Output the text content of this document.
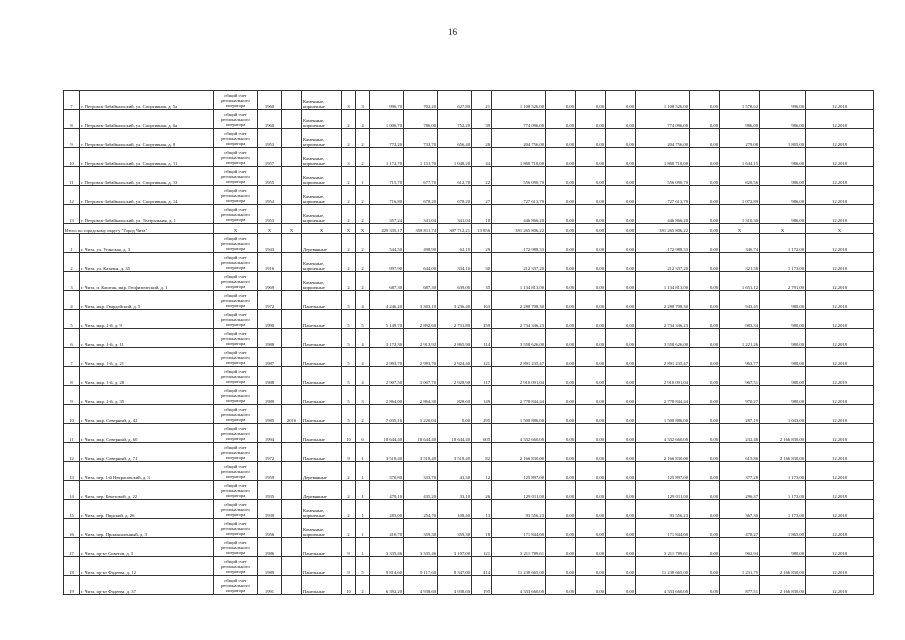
16
7	г. Петровск-Забайкальский, ул. Спортивная, д. 5а	общий счет регионального оператора	1960		Каменные, кирпичные	3	3	996,70	702,20	627,80	21	1 108 526,00	0,00	0,00	0,00	1 108 526,00	0,00	1 578,62	996,00	12.2018
8	г. Петровск-Забайкальский, ул. Спортивная, д. 6а	общий счет регионального оператора	1960		Каменные, кирпичные	2	4	1 006,70	786,00	752,20	39	774 096,00	0,00	0,00	0,00	774 096,00	0,00	986,00	986,00	12.2018
9	г. Петровск-Забайкальский, ул. Спортивная, д. 8	общий счет регионального оператора	1953		Каменные, кирпичные	2	2	772,20	733,70	656,40	28	204 756,00	0,00	0,00	0,00	204 756,00	0,00	279,08	1 805,00	12.2018
10	г. Петровск-Забайкальский, ул. Спортивная, д. 11	общий счет регионального оператора	1957		Каменные, кирпичные	3	2	1 172,70	1 131,70	1 048,20	44	1 860 710,00	0,00	0,00	0,00	1 860 710,00	0,00	1 644,15	986,00	12.2018
11	г. Петровск-Забайкальский, ул. Спортивная, д. 13	общий счет регионального оператора	1955		Каменные, кирпичные	2	1	715,70	677,70	612,70	22	556 090,70	0,00	0,00	0,00	556 090,70	0,00	820,56	986,00	12.2018
12	г. Петровск-Забайкальский, ул. Спортивная, д. 14	общий счет регионального оператора	1954		Каменные, кирпичные	2	2	716,80	678,20	678,20	27	727 613,70	0,00	0,00	0,00	727 613,70	0,00	1 072,89	986,00	12.2018
13	г. Петровск-Забайкальский, ул. Театральная, д. 1	общий счет регионального оператора	1953		Каменные, кирпичные	2	2	357,24	341,04	341,04	18	446 866,20	0,00	0,00	0,00	446 866,20	0,00	1 310,30	986,00	12.2018
Итого по городскому округу "Город Чита"		X	X	X	X	X	X	429 335,17	358 811,74	307 712,21	13 856	391 265 806,22	0,00	0,00	0,00	391 265 806,22	0,00	X	X	X
1	г. Чита, ул. Уганская, д. 3	общий счет регионального оператора	1943		Деревянные	2	2	544,50	498,90	62,10	29	172 988,33	0,00	0,00	0,00	172 988,33	0,00	346,74	1 172,00	12.2018
2	г. Чита, ул. Казачья, д. 35	общий счет регионального оператора	1916		Каменные, кирпичные	2	2	997,90	644,00	334,10	30	212 337,20	0,00	0,00	0,00	212 337,20	0,00	321,58	1 173,00	12.2018
3	г. Чита, п. Каштак, мкр. Геофизический, д. 1	общий счет регионального оператора	1969		Каменные, кирпичные	2	2	687,30	687,30	639,00	35	1 134 813,00	0,00	0,00	0,00	1 134 813,00	0,00	1 651,12	2 791,00	12.2018
4	г. Чита, мкр. Гвардейский, д. 5	общий счет регионального оператора	1972		Панельные	5	4	4 246,20	3 303,10	3 236,40	163	2 280 708,30	0,00	0,00	0,00	2 280 708,30	0,00	943,45	980,00	12.2018
5	г. Чита, мкр. 1-й, д. 9	общий счет регионального оператора	1990		Панельные	5	5	5 149,70	2 892,60	2 731,80	159	2 734 346,23	0,00	0,00	0,00	2 734 346,23	0,00	983,34	980,00	12.2018
6	г. Чита, мкр. 1-й, д. 11	общий счет регионального оператора	1988		Панельные	5	4	3 172,30	2 913,92	2 865,90	114	3 558 626,00	0,00	0,00	0,00	3 558 626,00	0,00	1 221,26	980,00	12.2018
7	г. Чита, мкр. 1-й, д. 21	общий счет регионального оператора	1987		Панельные	5	4	2 993,70	2 993,70	2 924,40	121	2 891 235,47	0,00	0,00	0,00	2 891 235,47	0,00	963,77	980,00	12.2018
8	г. Чита, мкр. 1-й, д. 28	общий счет регионального оператора	1988		Панельные	5	4	2 907,50	3 007,70	2 928,90	117	2 910 091,04	0,00	0,00	0,00	2 910 091,04	0,00	967,51	980,00	12.2019
9	г. Чита, мкр. 1-й, д. 35	общий счет регионального оператора	1989		Панельные	5	3	2 864,00	2 864,30	828,60	149	2 778 844,44	0,00	0,00	0,00	2 778 844,44	0,00	970,27	980,00	12.2018
10	г. Чита, мкр. Северный, д. 42	общий счет регионального оператора	1985	2016	Панельные	5	2	7 035,16	5 226,04	0,00	295	1 500 886,00	0,00	0,00	0,00	1 500 886,00	0,00	287,19	1 043,00	12.2018
11	г. Чита, мкр. Северный, д. 60	общий счет регионального оператора	1994		Панельные	10	6	18 644,40	18 644,40	18 644,40	605	4 332 660,00	0,00	0,00	0,00	4 332 660,00	0,00	232,48	2 166 830,00	12.2018
12	г. Чита, мкр. Северный, д. 71	общий счет регионального оператора	1972		Панельные	9	1	3 518,40	3 518,40	3 518,40	82	2 166 830,00	0,00	0,00	0,00	2 166 830,00	0,00	615,86	2 166 830,00	12.2018
13	г. Чита, пер. 1-й Некрасовский, д. 3	общий счет регионального оператора	1959		Деревянные	2	1	370,80	333,70	41,30	12	125 897,00	0,00	0,00	0,00	125 897,00	0,00	377,28	1 173,00	12.2018
14	г. Чита, пер. Бекетовой, д. 22	общий счет регионального оператора	1935		Деревянные	2	1	479,10	435,20	33,10	26	129 011,00	0,00	0,00	0,00	129 011,00	0,00	296,37	1 173,00	12.2018
15	г. Чита, пер. Пирский, д. 26	общий счет регионального оператора	1939		Каменные, кирпичные	2	1	283,00	254,70	108,40	13	93 556,23	0,00	0,00	0,00	93 556,23	0,00	367,30	1 173,00	12.2018
16	г. Чита, пер. Промышленный, д. 3	общий счет регионального оператора	1956		Каменные, кирпичные	2	1	410,70	359,30	359,30	18	171 844,00	0,00	0,00	0,00	171 844,00	0,00	478,27	1 865,00	12.2018
17	г. Чита, пр-кт Советов, д. 5	общий счет регионального оператора	1986		Панельные	9	1	3 335,46	3 335,46	3 107,00	121	3 211 789,61	0,00	0,00	0,00	3 211 789,61	0,00	962,94	980,00	12.2018
18	г. Чита, пр-кт Фадеева, д. 12	общий счет регионального оператора	1989		Панельные	9	5	9 814,60	9 117,60	8 347,00	414	11 230 665,00	0,00	0,00	0,00	11 230 665,00	0,00	1 231,75	2 166 830,00	12.2018
19	г. Чита, пр-кт Фадеева, д. 37	общий счет регионального оператора	1991		Панельные	10	2	6 392,20	4 938,60	4 938,60	195	4 333 660,00	0,00	0,00	0,00	4 333 660,00	0,00	877,51	2 166 830,00	12.2018
